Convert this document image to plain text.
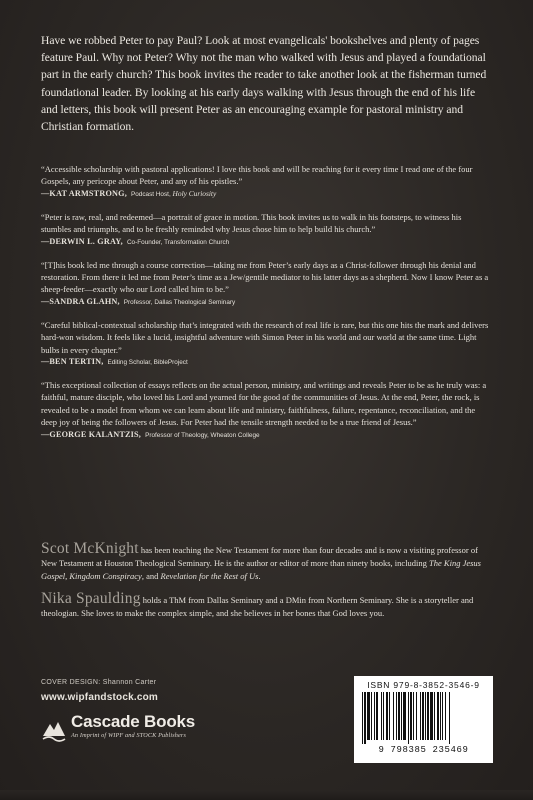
Have we robbed Peter to pay Paul? Look at most evangelicals' bookshelves and plenty of pages feature Paul. Why not Peter? Why not the man who walked with Jesus and played a foundational part in the early church? This book invites the reader to take another look at the fisherman turned foundational leader. By looking at his early days walking with Jesus through the end of his life and letters, this book will present Peter as an encouraging example for pastoral ministry and Christian formation.

“Accessible scholarship with pastoral applications! I love this book and will be reaching for it every time I read one of the four Gospels, any pericope about Peter, and any of his epistles.”

—KAT ARMSTRONG, Podcast Host, Holy Curiosity

“Peter is raw, real, and redeemed—a portrait of grace in motion. This book invites us to walk in his footsteps, to witness his stumbles and triumphs, and to be freshly reminded why Jesus chose him to help build his church.”

—DERWIN L. GRAY, Co-Founder, Transformation Church

“[T]his book led me through a course correction—taking me from Peter’s early days as a Christ-follower through his denial and restoration. From there it led me from Peter’s time as a Jew/gentile mediator to his latter days as a shepherd. Now I know Peter as a sheep-feeder—exactly who our Lord called him to be.”

—SANDRA GLAHN, Professor, Dallas Theological Seminary

“Careful biblical-contextual scholarship that’s integrated with the research of real life is rare, but this one hits the mark and delivers hard-won wisdom. It feels like a lucid, insightful adventure with Simon Peter in his world and our world at the same time. Light bulbs in every chapter.”

—BEN TERTIN, Editing Scholar, BibleProject

“This exceptional collection of essays reflects on the actual person, ministry, and writings and reveals Peter to be as he truly was: a faithful, mature disciple, who loved his Lord and yearned for the good of the communities of Jesus. At the end, Peter, the rock, is revealed to be a model from whom we can learn about life and ministry, faithfulness, failure, repentance, reconciliation, and the deep joy of being the followers of Jesus. For Peter had the tensile strength needed to be a true friend of Jesus.”

—GEORGE KALANTZIS, Professor of Theology, Wheaton College

Scot McKnight has been teaching the New Testament for more than four decades and is now a visiting professor of New Testament at Houston Theological Seminary. He is the author or editor of more than ninety books, including The King Jesus Gospel, Kingdom Conspiracy, and Revelation for the Rest of Us.

Nika Spaulding holds a ThM from Dallas Seminary and a DMin from Northern Seminary. She is a storyteller and theologian. She loves to make the complex simple, and she believes in her bones that God loves you.

COVER DESIGN: Shannon Carter
www.wipfandstock.com
Cascade Books
An Imprint of WIPF and STOCK Publishers

ISBN 979-8-3852-3546-9

9 798385 235469
